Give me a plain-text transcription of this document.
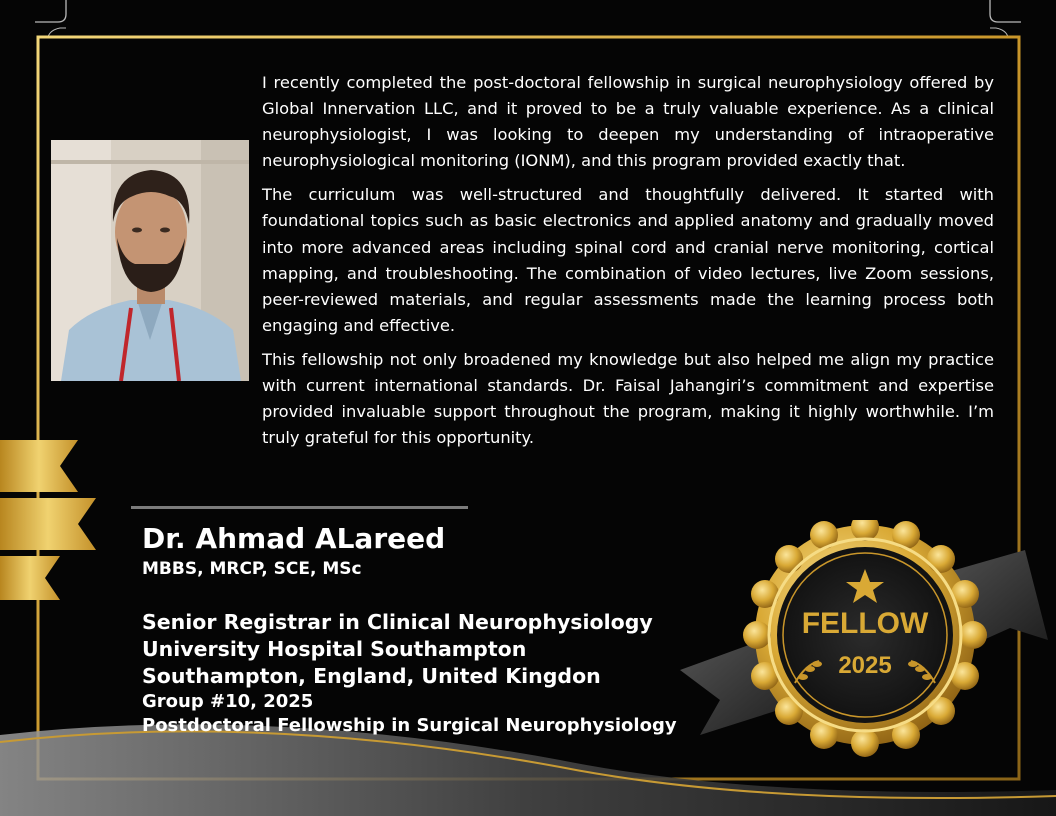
I recently completed the post-doctoral fellowship in surgical neurophysiology offered by Global Innervation LLC, and it proved to be a truly valuable experience. As a clinical neurophysiologist, I was looking to deepen my understanding of intraoperative neurophysiological monitoring (IONM), and this program provided exactly that.

The curriculum was well-structured and thoughtfully delivered. It started with foundational topics such as basic electronics and applied anatomy and gradually moved into more advanced areas including spinal cord and cranial nerve monitoring, cortical mapping, and troubleshooting. The combination of video lectures, live Zoom sessions, peer-reviewed materials, and regular assessments made the learning process both engaging and effective.

This fellowship not only broadened my knowledge but also helped me align my practice with current international standards. Dr. Faisal Jahangiri’s commitment and expertise provided invaluable support throughout the program, making it highly worthwhile. I’m truly grateful for this opportunity.

Dr. Ahmad ALareed
MBBS, MRCP, SCE, MSc
Senior Registrar in Clinical Neurophysiology
University Hospital Southampton
Southampton, England, United Kingdon
Group #10, 2025
Postdoctoral Fellowship in Surgical Neurophysiology
FELLOW
2025
